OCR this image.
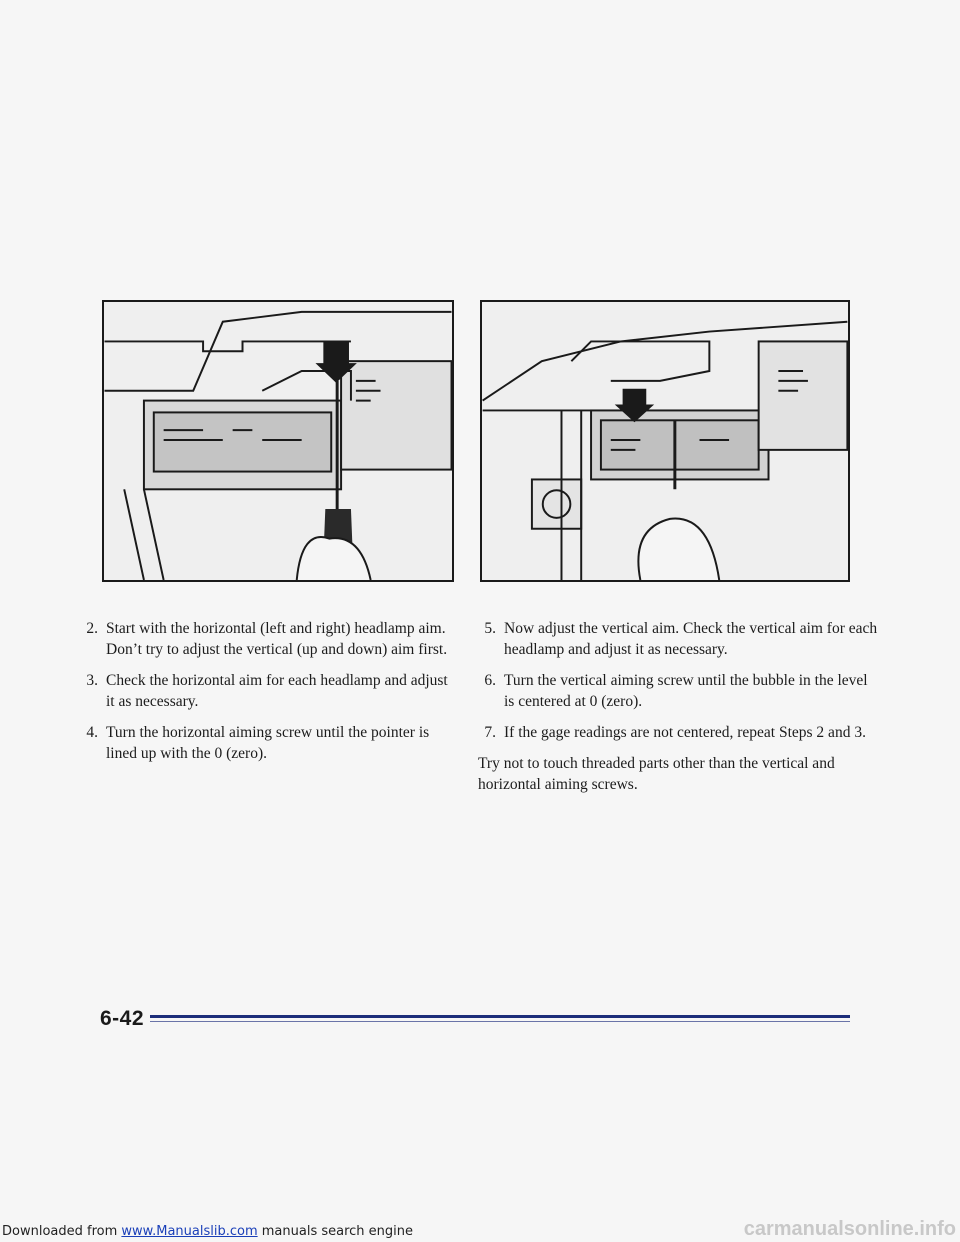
2. Start with the horizontal (left and right) headlamp aim. Don’t try to adjust the vertical (up and down) aim first.
3. Check the horizontal aim for each headlamp and adjust it as necessary.
4. Turn the horizontal aiming screw until the pointer is lined up with the 0 (zero).
5. Now adjust the vertical aim. Check the vertical aim for each headlamp and adjust it as necessary.
6. Turn the vertical aiming screw until the bubble in the level is centered at 0 (zero).
7. If the gage readings are not centered, repeat Steps 2 and 3.
Try not to touch threaded parts other than the vertical and horizontal aiming screws.
6-42
Downloaded from www.Manualslib.com manuals search engine	carmanualsonline.info
